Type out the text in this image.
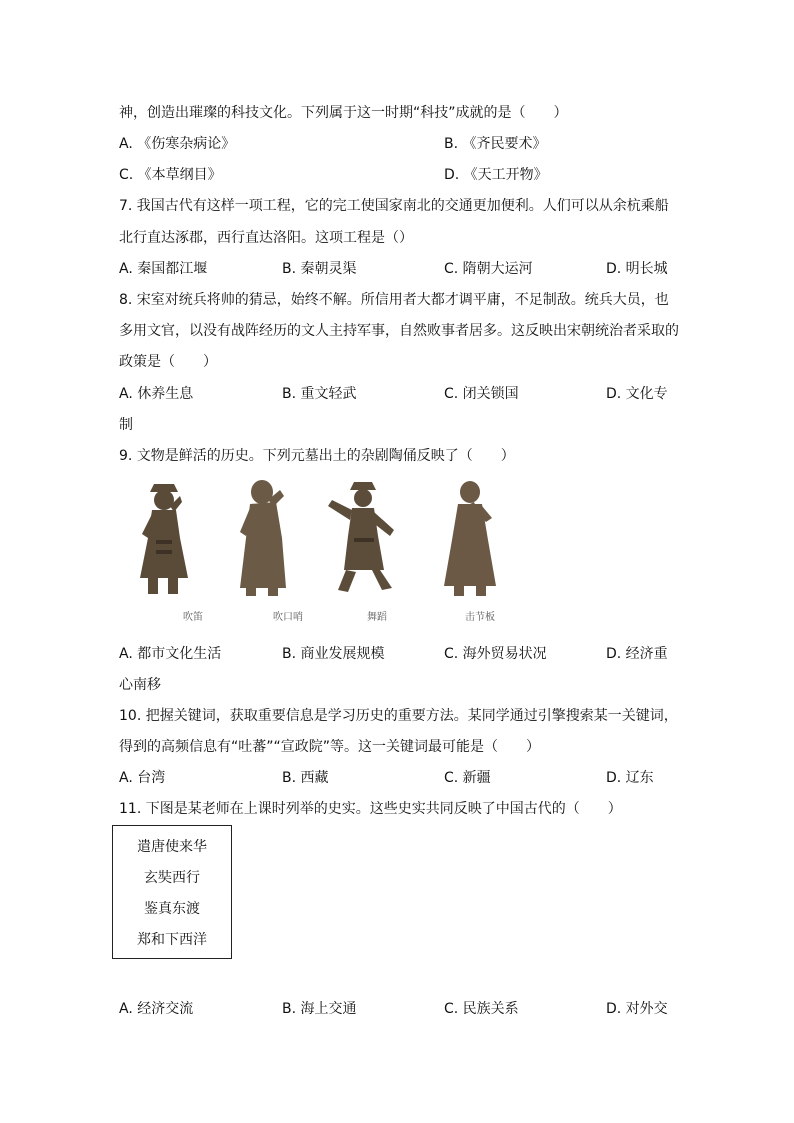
神，创造出璀璨的科技文化。下列属于这一时期“科技”成就的是（　　）
A. 《伤寒杂病论》	B. 《齐民要术》
C. 《本草纲目》	D. 《天工开物》
7. 我国古代有这样一项工程，它的完工使国家南北的交通更加便利。人们可以从余杭乘船
北行直达涿郡，西行直达洛阳。这项工程是（）
A. 秦国都江堰	B. 秦朝灵渠	C. 隋朝大运河	D. 明长城
8. 宋室对统兵将帅的猜忌，始终不解。所信用者大都才调平庸，不足制敌。统兵大员，也
多用文官，以没有战阵经历的文人主持军事，自然败事者居多。这反映出宋朝统治者采取的
政策是（　　）
A. 休养生息	B. 重文轻武	C. 闭关锁国	D. 文化专
制
9. 文物是鲜活的历史。下列元墓出土的杂剧陶俑反映了（　　）
吹笛	吹口哨	舞蹈	击节板
A. 都市文化生活	B. 商业发展规模	C. 海外贸易状况	D. 经济重
心南移
10. 把握关键词，获取重要信息是学习历史的重要方法。某同学通过引擎搜索某一关键词，
得到的高频信息有“吐蕃”“宣政院”等。这一关键词最可能是（　　）
A. 台湾	B. 西藏	C. 新疆	D. 辽东
11. 下图是某老师在上课时列举的史实。这些史实共同反映了中国古代的（　　）
遣唐使来华
玄奘西行
鉴真东渡
郑和下西洋
A. 经济交流	B. 海上交通	C. 民族关系	D. 对外交
